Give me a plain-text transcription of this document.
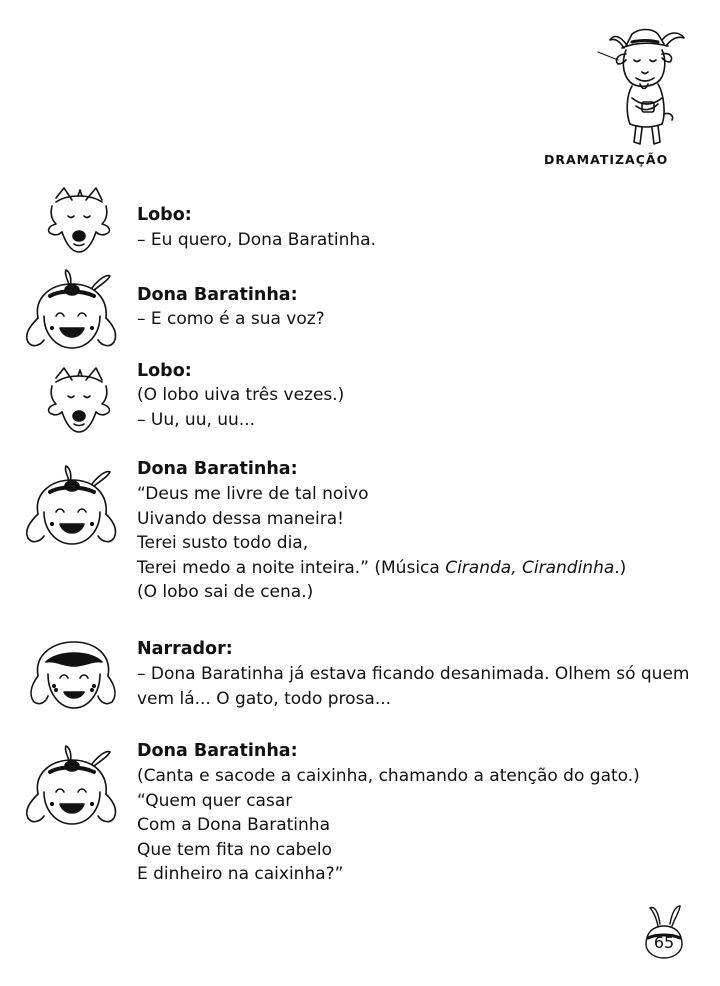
DRAMATIZAÇÃO
Lobo:
– Eu quero, Dona Baratinha.
Dona Baratinha:
– E como é a sua voz?
Lobo:
(O lobo uiva três vezes.)
– Uu, uu, uu...
Dona Baratinha:
“Deus me livre de tal noivo
Uivando dessa maneira!
Terei susto todo dia,
Terei medo a noite inteira.” (Música Ciranda, Cirandinha.)
(O lobo sai de cena.)
Narrador:
– Dona Baratinha já estava ficando desanimada. Olhem só quem vem lá... O gato, todo prosa...
Dona Baratinha:
(Canta e sacode a caixinha, chamando a atenção do gato.)
“Quem quer casar
Com a Dona Baratinha
Que tem fita no cabelo
E dinheiro na caixinha?”
65
